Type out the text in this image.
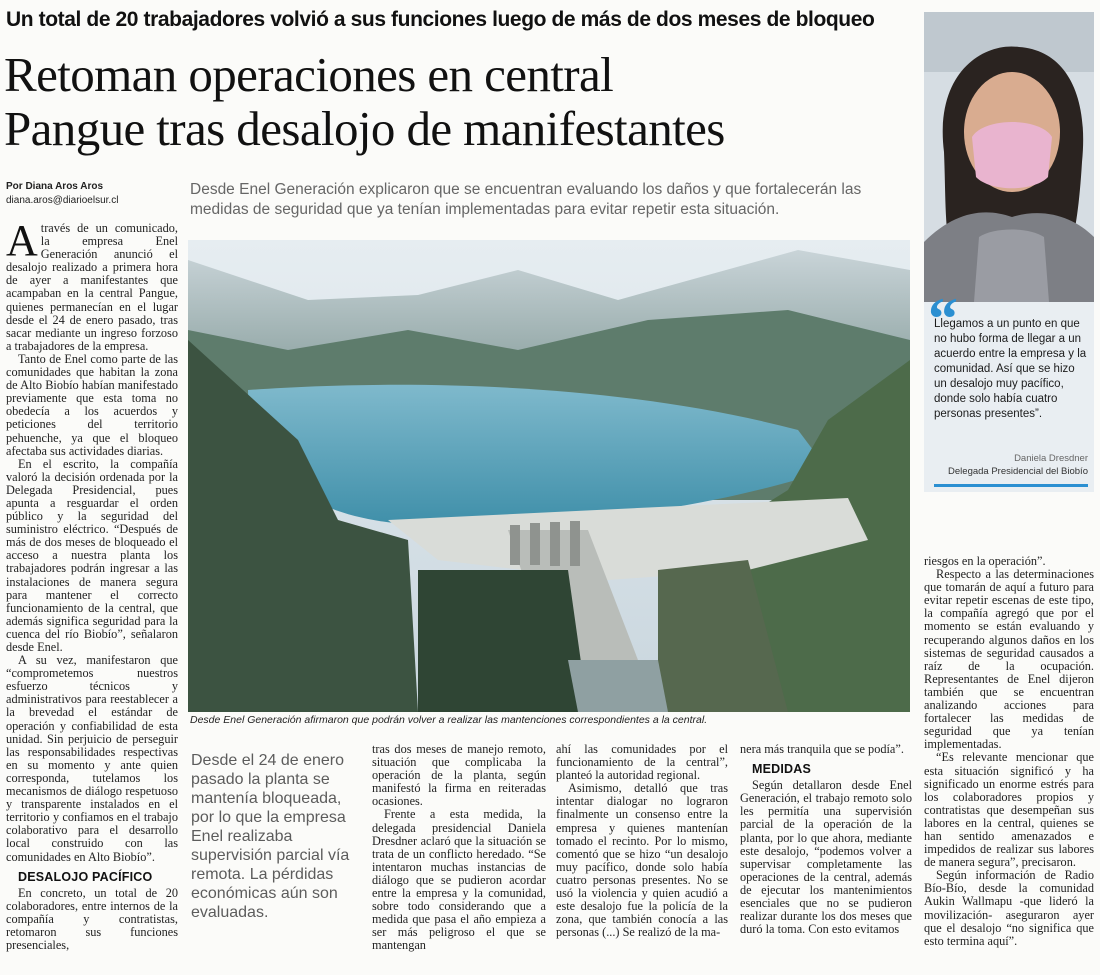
Un total de 20 trabajadores volvió a sus funciones luego de más de dos meses de bloqueo
Retoman operaciones en central
Pangue tras desalojo de manifestantes
Por Diana Aros Aros
diana.aros@diarioelsur.cl
Desde Enel Generación explicaron que se encuentran evaluando los daños y que fortalecerán las medidas de seguridad que ya tenían implementadas para evitar repetir esta situación.

Através de un comunicado, la empresa Enel Generación anunció el desalojo realizado a primera hora de ayer a manifestantes que acampaban en la central Pangue, quienes permanecían en el lugar desde el 24 de enero pasado, tras sacar mediante un ingreso forzoso a trabajadores de la empresa.

Tanto de Enel como parte de las comunidades que habitan la zona de Alto Biobío habían manifestado previamente que esta toma no obedecía a los acuerdos y peticiones del territorio pehuenche, ya que el bloqueo afectaba sus actividades diarias.

En el escrito, la compañía valoró la decisión ordenada por la Delegada Presidencial, pues apunta a resguardar el orden público y la seguridad del suministro eléctrico. “Después de más de dos meses de bloqueado el acceso a nuestra planta los trabajadores podrán ingresar a las instalaciones de manera segura para mantener el correcto funcionamiento de la central, que además significa seguridad para la cuenca del río Biobío”, señalaron desde Enel.

A su vez, manifestaron que “comprometemos nuestros esfuerzo técnicos y administrativos para reestablecer a la brevedad el estándar de operación y confiabilidad de esta unidad. Sin perjuicio de perseguir las responsabilidades respectivas en su momento y ante quien corresponda, tutelamos los mecanismos de diálogo respetuoso y transparente instalados en el territorio y confiamos en el trabajo colaborativo para el desarrollo local construido con las comunidades en Alto Biobío”.

DESALOJO PACÍFICO

En concreto, un total de 20 colaboradores, entre internos de la compañía y contratistas, retomaron sus funciones presenciales,

Desde Enel Generación afirmaron que podrán volver a realizar las mantenciones correspondientes a la central.
Desde el 24 de enero pasado la planta se mantenía bloqueada, por lo que la empresa Enel realizaba supervisión parcial vía remota. La pérdidas económicas aún son evaluadas.

tras dos meses de manejo remoto, situación que complicaba la operación de la planta, según manifestó la firma en reiteradas ocasiones.

Frente a esta medida, la delegada presidencial Daniela Dresdner aclaró que la situación se trata de un conflicto heredado. “Se intentaron muchas instancias de diálogo que se pudieron acordar entre la empresa y la comunidad, sobre todo considerando que a medida que pasa el año empieza a ser más peligroso el que se mantengan

ahí las comunidades por el funcionamiento de la central”, planteó la autoridad regional.

Asimismo, detalló que tras intentar dialogar no lograron finalmente un consenso entre la empresa y quienes mantenían tomado el recinto. Por lo mismo, comentó que se hizo “un desalojo muy pacífico, donde solo había cuatro personas presentes. No se usó la violencia y quien acudió a este desalojo fue la policía de la zona, que también conocía a las personas (...) Se realizó de la ma-

nera más tranquila que se podía”.

MEDIDAS

Según detallaron desde Enel Generación, el trabajo remoto solo les permitía una supervisión parcial de la operación de la planta, por lo que ahora, mediante este desalojo, “podemos volver a supervisar completamente las operaciones de la central, además de ejecutar los mantenimientos esenciales que no se pudieron realizar durante los dos meses que duró la toma. Con esto evitamos

riesgos en la operación”.

Respecto a las determinaciones que tomarán de aquí a futuro para evitar repetir escenas de este tipo, la compañía agregó que por el momento se están evaluando y recuperando algunos daños en los sistemas de seguridad causados a raíz de la ocupación. Representantes de Enel dijeron también que se encuentran analizando acciones para fortalecer las medidas de seguridad que ya tenían implementadas.

“Es relevante mencionar que esta situación significó y ha significado un enorme estrés para los colaboradores propios y contratistas que desempeñan sus labores en la central, quienes se han sentido amenazados e impedidos de realizar sus labores de manera segura”, precisaron.

Según información de Radio Bío-Bío, desde la comunidad Aukin Wallmapu -que lideró la movilización- aseguraron ayer que el desalojo “no significa que esto termina aquí”.

“
Llegamos a un punto en que no hubo forma de llegar a un acuerdo entre la empresa y la comunidad. Así que se hizo un desalojo muy pacífico, donde solo había cuatro personas presentes”.
Daniela Dresdner
Delegada Presidencial del Biobío
